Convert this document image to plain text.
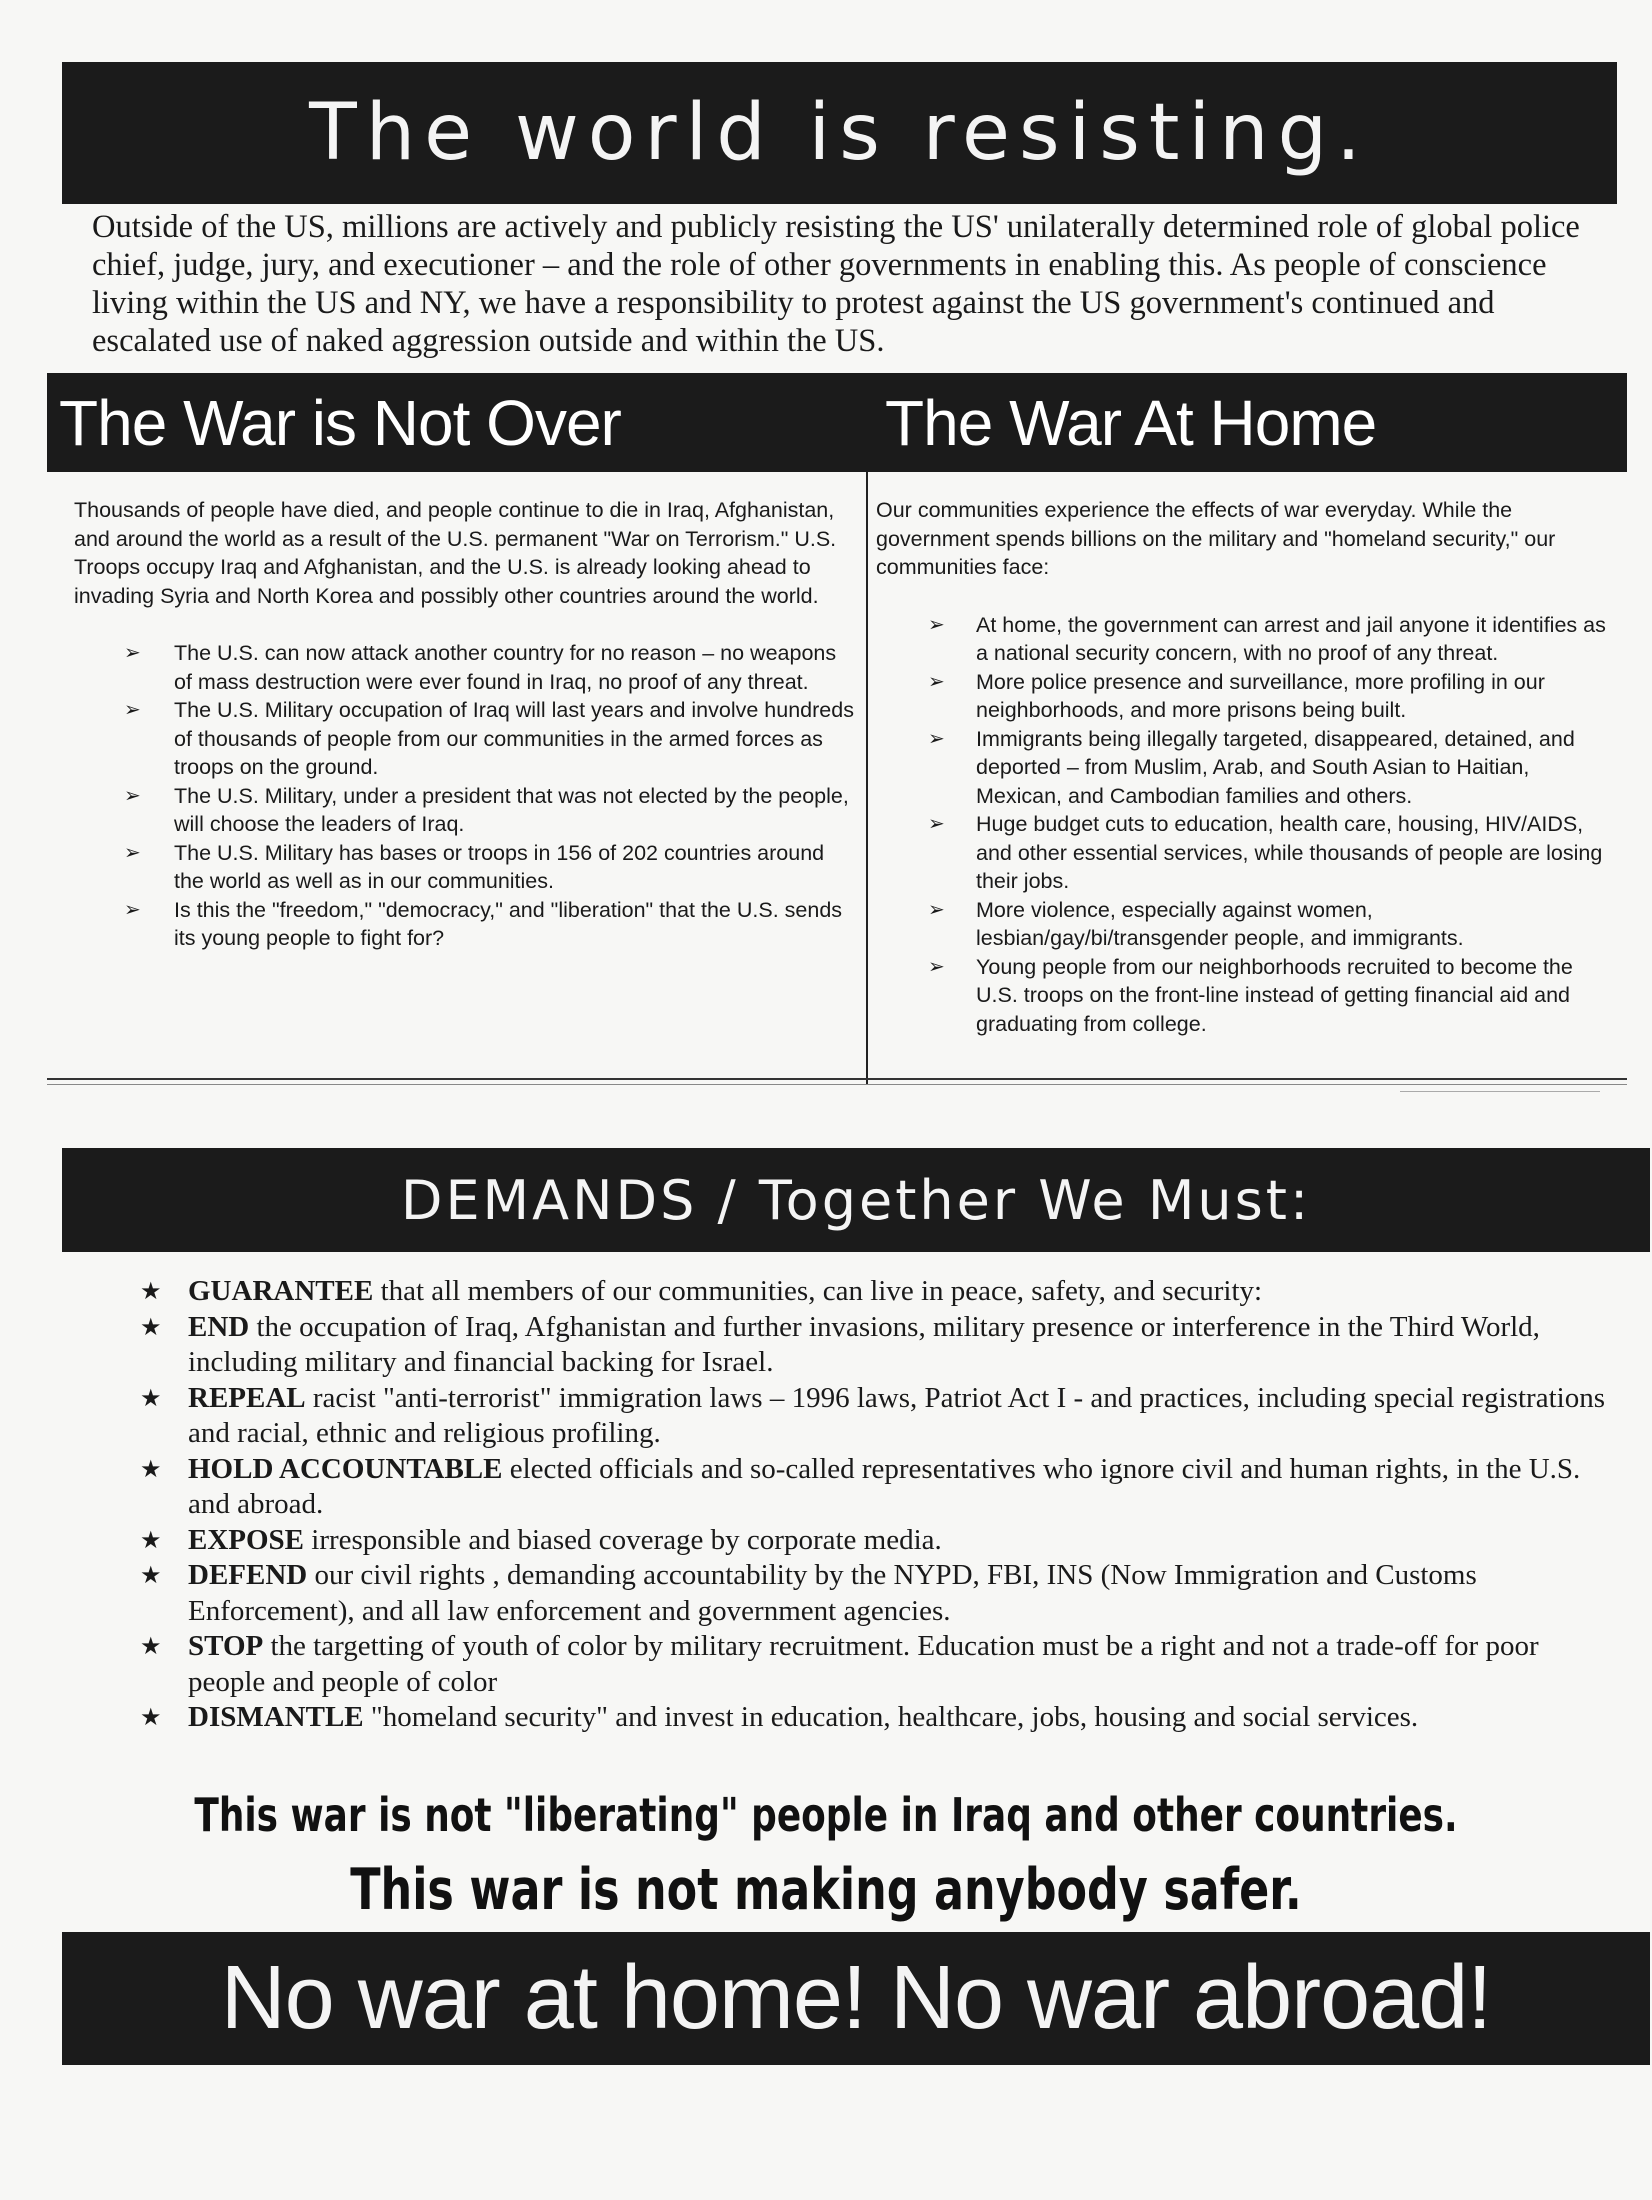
The world is resisting.

Outside of the US, millions are actively and publicly resisting the US' unilaterally determined role of global police chief, judge, jury, and executioner – and the role of other governments in enabling this. As people of conscience living within the US and NY, we have a responsibility to protest against the US government's continued and escalated use of naked aggression outside and within the US.

The War is Not Over	The War At Home

Thousands of people have died, and people continue to die in Iraq, Afghanistan, and around the world as a result of the U.S. permanent "War on Terrorism." U.S. Troops occupy Iraq and Afghanistan, and the U.S. is already looking ahead to invading Syria and North Korea and possibly other countries around the world.

➢ The U.S. can now attack another country for no reason – no weapons of mass destruction were ever found in Iraq, no proof of any threat.
➢ The U.S. Military occupation of Iraq will last years and involve hundreds of thousands of people from our communities in the armed forces as troops on the ground.
➢ The U.S. Military, under a president that was not elected by the people, will choose the leaders of Iraq.
➢ The U.S. Military has bases or troops in 156 of 202 countries around the world as well as in our communities.
➢ Is this the "freedom," "democracy," and "liberation" that the U.S. sends its young people to fight for?

Our communities experience the effects of war everyday. While the government spends billions on the military and "homeland security," our communities face:

➢ At home, the government can arrest and jail anyone it identifies as a national security concern, with no proof of any threat.
➢ More police presence and surveillance, more profiling in our neighborhoods, and more prisons being built.
➢ Immigrants being illegally targeted, disappeared, detained, and deported – from Muslim, Arab, and South Asian to Haitian, Mexican, and Cambodian families and others.
➢ Huge budget cuts to education, health care, housing, HIV/AIDS, and other essential services, while thousands of people are losing their jobs.
➢ More violence, especially against women, lesbian/gay/bi/transgender people, and immigrants.
➢ Young people from our neighborhoods recruited to become the U.S. troops on the front-line instead of getting financial aid and graduating from college.
DEMANDS / Together We Must:
★ GUARANTEE that all members of our communities, can live in peace, safety, and security:
★ END the occupation of Iraq, Afghanistan and further invasions, military presence or interference in the Third World, including military and financial backing for Israel.
★ REPEAL racist "anti-terrorist" immigration laws – 1996 laws, Patriot Act I - and practices, including special registrations and racial, ethnic and religious profiling.
★ HOLD ACCOUNTABLE elected officials and so-called representatives who ignore civil and human rights, in the U.S. and abroad.
★ EXPOSE irresponsible and biased coverage by corporate media.
★ DEFEND our civil rights , demanding accountability by the NYPD, FBI, INS (Now Immigration and Customs Enforcement), and all law enforcement and government agencies.
★ STOP the targetting of youth of color by military recruitment. Education must be a right and not a trade-off for poor people and people of color
★ DISMANTLE "homeland security" and invest in education, healthcare, jobs, housing and social services.
This war is not "liberating" people in Iraq and other countries.
This war is not making anybody safer.
No war at home! No war abroad!
